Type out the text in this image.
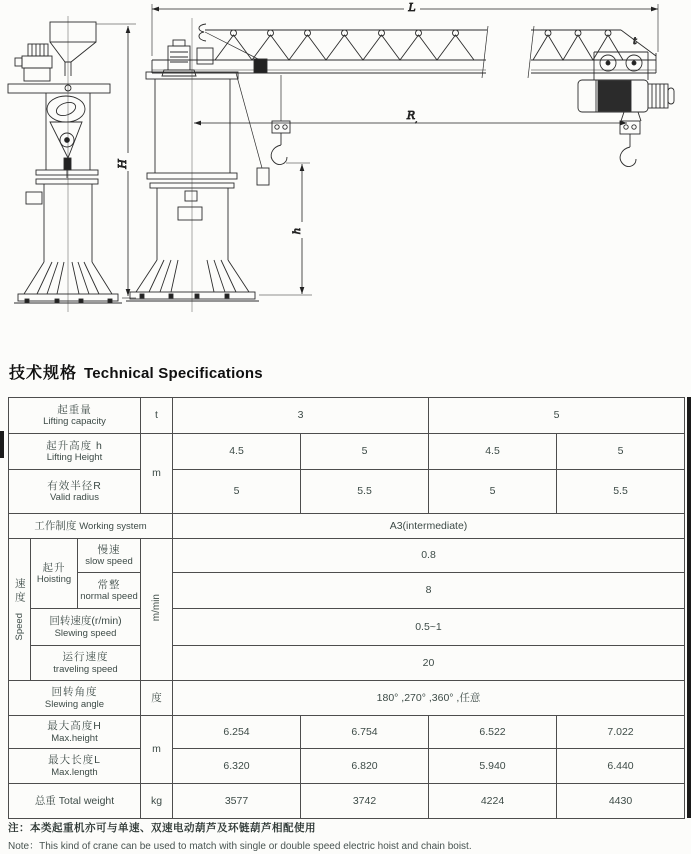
H
t
L
$R_,$
h
技术规格 Technical Specifications
起重量
Lifting capacity			t	3		5	

起升高度 h
Lifting Height			m	4.5	5	4.5	5

有效半径R
Valid radius				5	5.5	5	5.5
工作制度 Working system				A3(intermediate)			

速度
Speed	起升
Hoisting	慢速
slow speed	m/min	0.8			

		常整
normal speed		8			

	回转速度(r/min)
Slewing speed			0.5~1			

	运行速度
traveling speed			20			

回转角度
Slewing angle			度	180° ,270° ,360° ,任意			

最大高度H
Max.height			m	6.254	6.754	6.522	7.022

最大长度L
Max.length				6.320	6.820	5.940	6.440
总重 Total weight			kg	3577	3742	4224	4430
注：本类起重机亦可与单速、双速电动葫芦及环链葫芦相配使用
Note：This kind of crane can be used to match with single or double speed electric hoist and chain boist.
